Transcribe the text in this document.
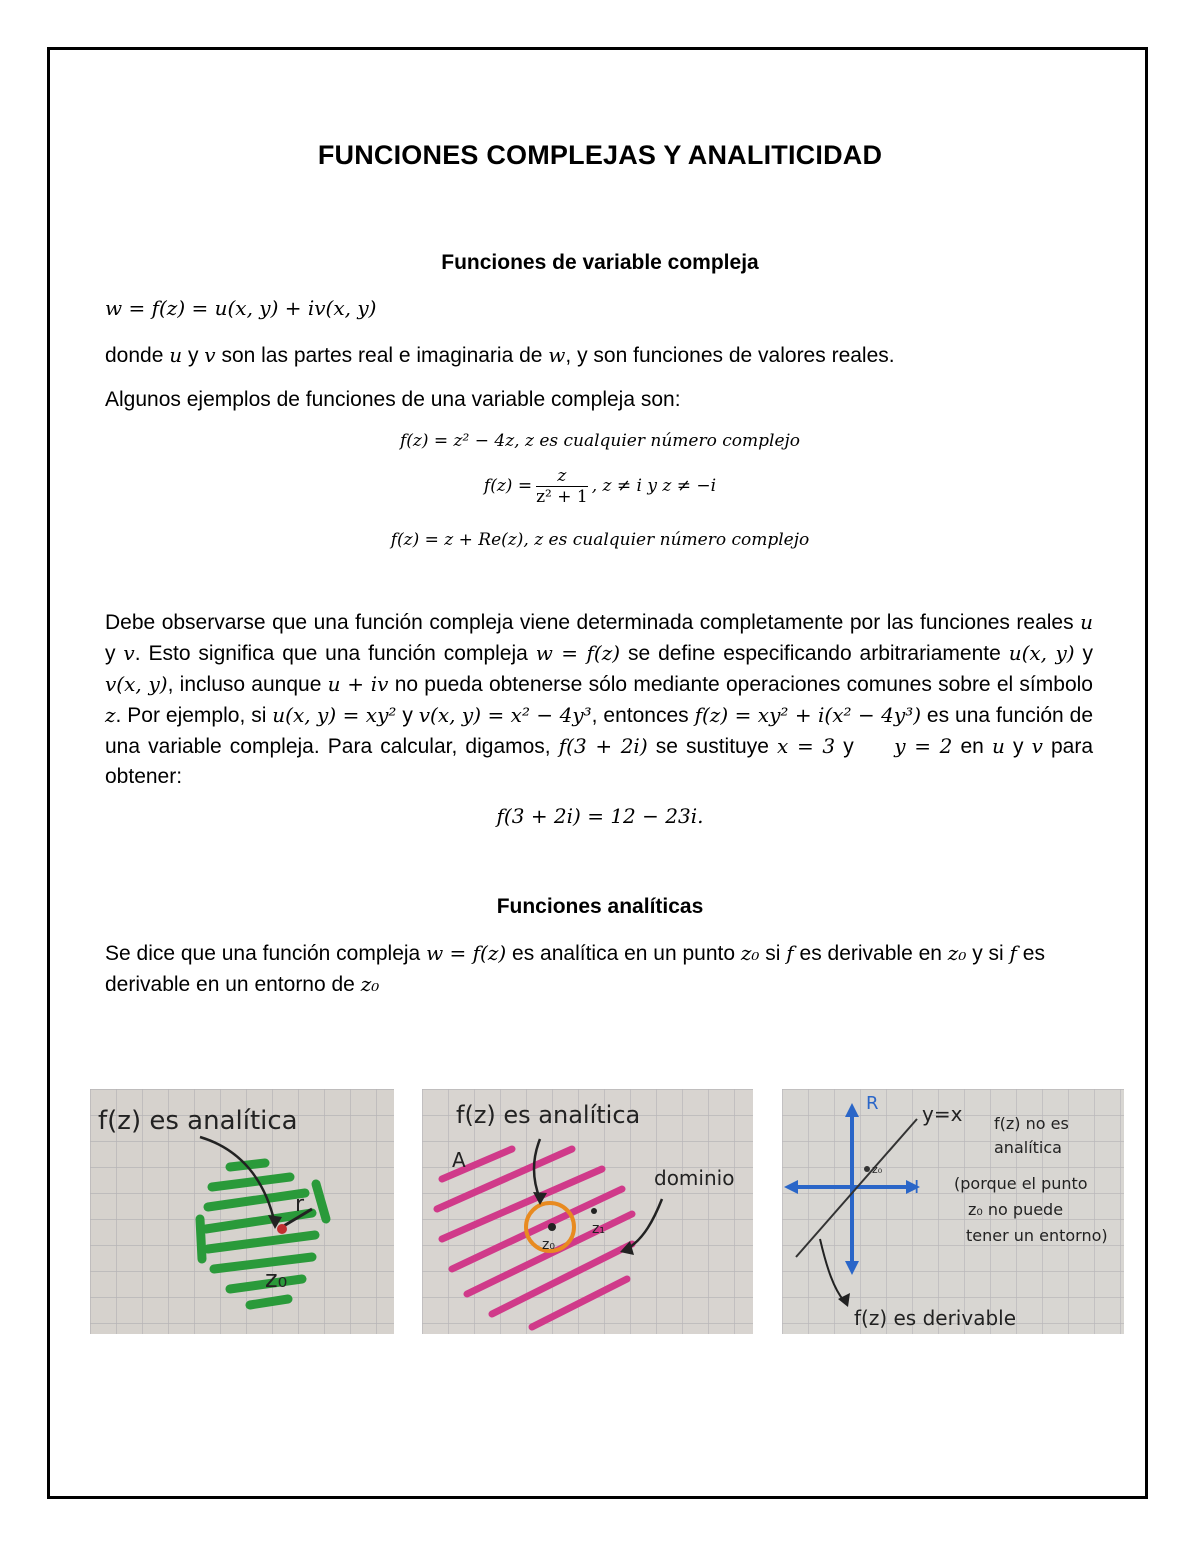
FUNCIONES COMPLEJAS Y ANALITICIDAD
Funciones de variable compleja
w = f(z) = u(x, y) + iv(x, y)
donde u y v son las partes real e imaginaria de w, y son funciones de valores reales.
Algunos ejemplos de funciones de una variable compleja son:
f(z) = z² − 4z, z es cualquier número complejo
$f(z) = \frac{z}{\text{z² + 1}}$ , z ≠ i y z ≠ −i
f(z) = z + Re(z), z es cualquier número complejo
Debe observarse que una función compleja viene determinada completamente por las funciones reales u y v. Esto significa que una función compleja w = f(z) se define especificando arbitrariamente u(x, y) y v(x, y), incluso aunque u + iv no pueda obtenerse sólo mediante operaciones comunes sobre el símbolo z. Por ejemplo, si u(x, y) = xy² y v(x, y) = x² − 4y³, entonces f(z) = xy² + i(x² − 4y³) es una función de una variable compleja. Para calcular, digamos, f(3 + 2i) se sustituye x = 3 y     y = 2 en u y v para obtener:
f(3 + 2i) = 12 − 23i.
Funciones analíticas
Se dice que una función compleja w = f(z) es analítica en un punto z₀ si f es derivable en z₀ y si f es derivable en un entorno de z₀
f(z) es analítica
r
z₀
f(z) es analítica
A
dominio
z₀
z₁
R
I
y=x
z₀
f(z) no es
analítica
(porque el punto
z₀ no puede
tener un entorno)
f(z) es derivable
